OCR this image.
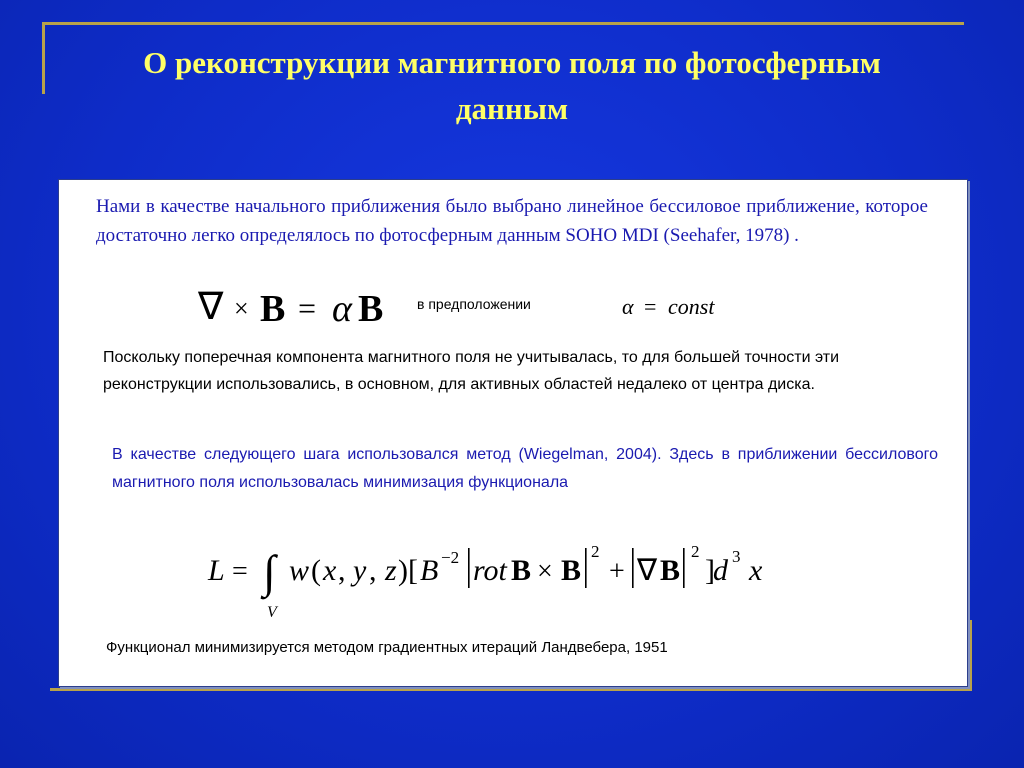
О реконструкции магнитного поля по фотосферным данным
Нами в качестве начального приближения было выбрано линейное бессиловое приближение, которое достаточно легко определялось по фотосферным данным SOHO MDI (Seehafer, 1978) .
∇ × B = α B в предположении	α = const
Поскольку поперечная компонента магнитного поля не учитывалась, то для большей точности эти реконструкции использовались, в основном, для активных областей недалеко от центра диска.
В качестве следующего шага использовался метод (Wiegelman, 2004). Здесь в приближении бессилового магнитного поля использовалась минимизация функционала
L = ∫
V
w ( x , y , z )[ B −2 rot B × B
2
+ ∇ B
2
]
d 3 x
Функционал минимизируется методом градиентных итераций Ландвебера, 1951
